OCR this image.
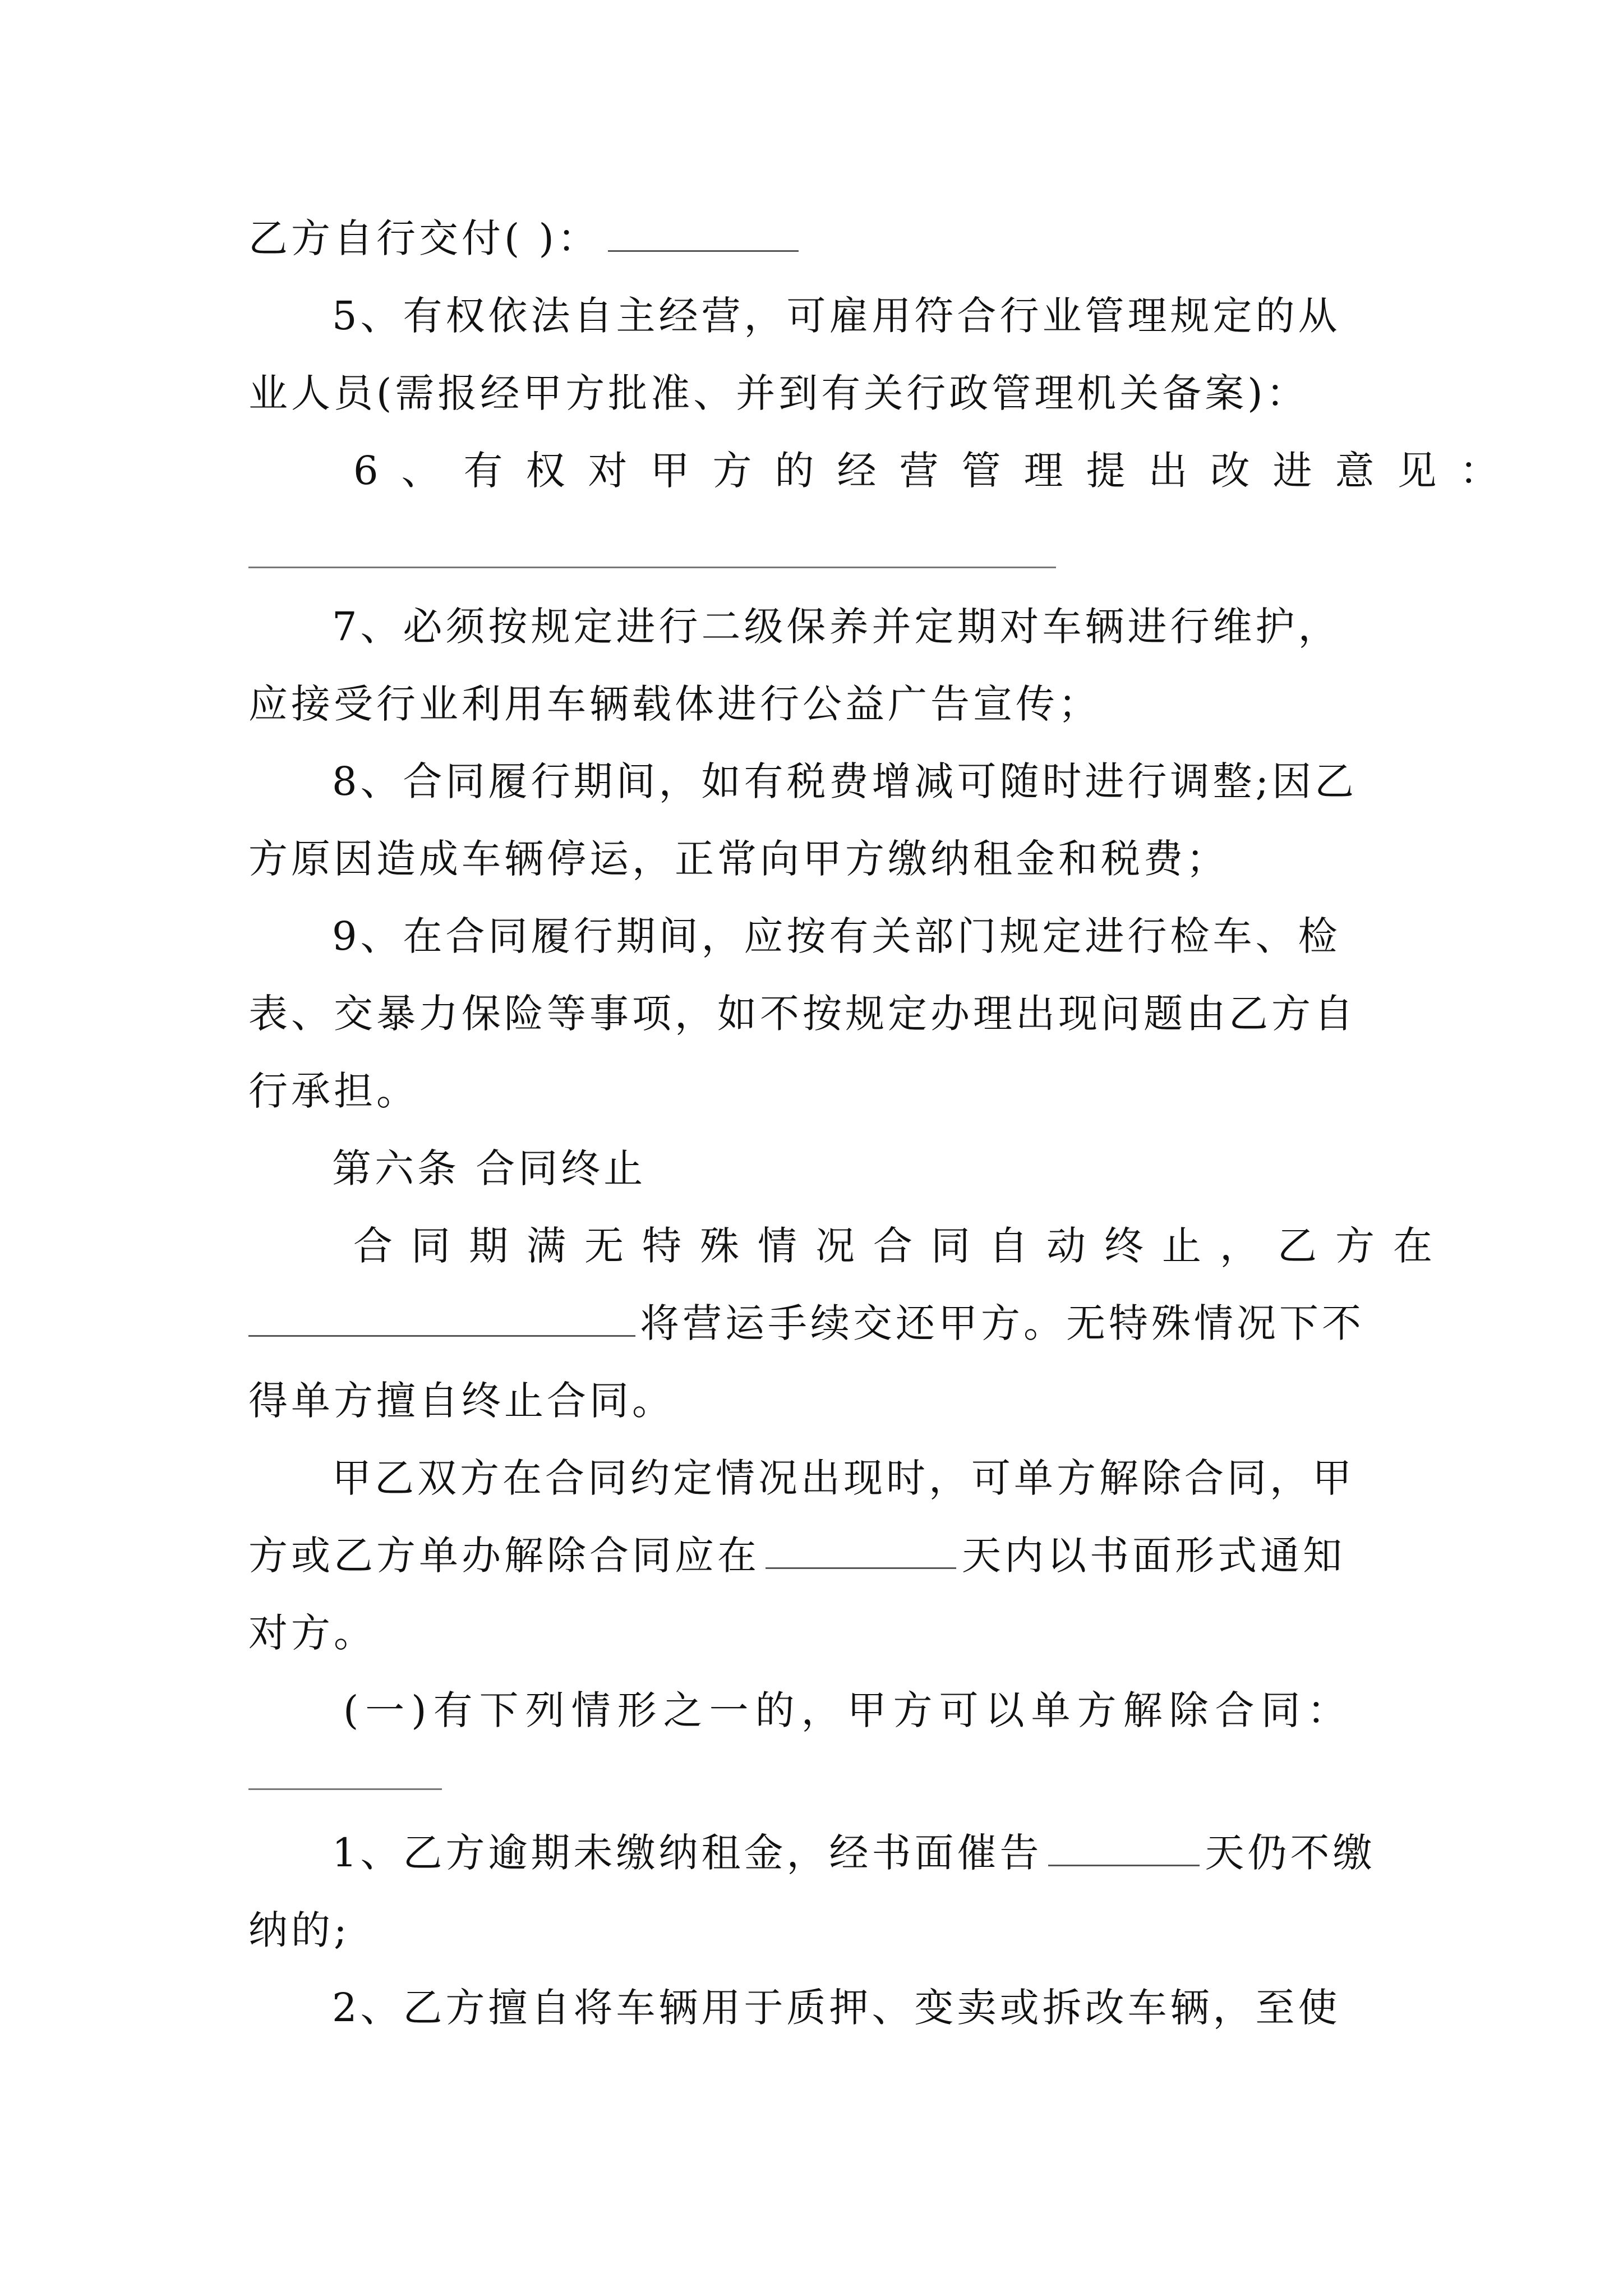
乙方自行交付( )：
5、有权依法自主经营，可雇用符合行业管理规定的从
业人员(需报经甲方批准、并到有关行政管理机关备案)：
6、有权对甲方的经营管理提出改进意见：
7、必须按规定进行二级保养并定期对车辆进行维护，
应接受行业利用车辆载体进行公益广告宣传；
8、合同履行期间，如有税费增减可随时进行调整;因乙
方原因造成车辆停运，正常向甲方缴纳租金和税费；
9、在合同履行期间，应按有关部门规定进行检车、检
表、交暴力保险等事项，如不按规定办理出现问题由乙方自
行承担。
第六条 合同终止
合同期满无特殊情况合同自动终止，乙方在
将营运手续交还甲方。无特殊情况下不
得单方擅自终止合同。
甲乙双方在合同约定情况出现时，可单方解除合同，甲
方或乙方单办解除合同应在	天内以书面形式通知
对方。
(一)有下列情形之一的，甲方可以单方解除合同：
1、乙方逾期未缴纳租金，经书面催告	天仍不缴
纳的;
2、乙方擅自将车辆用于质押、变卖或拆改车辆，至使
